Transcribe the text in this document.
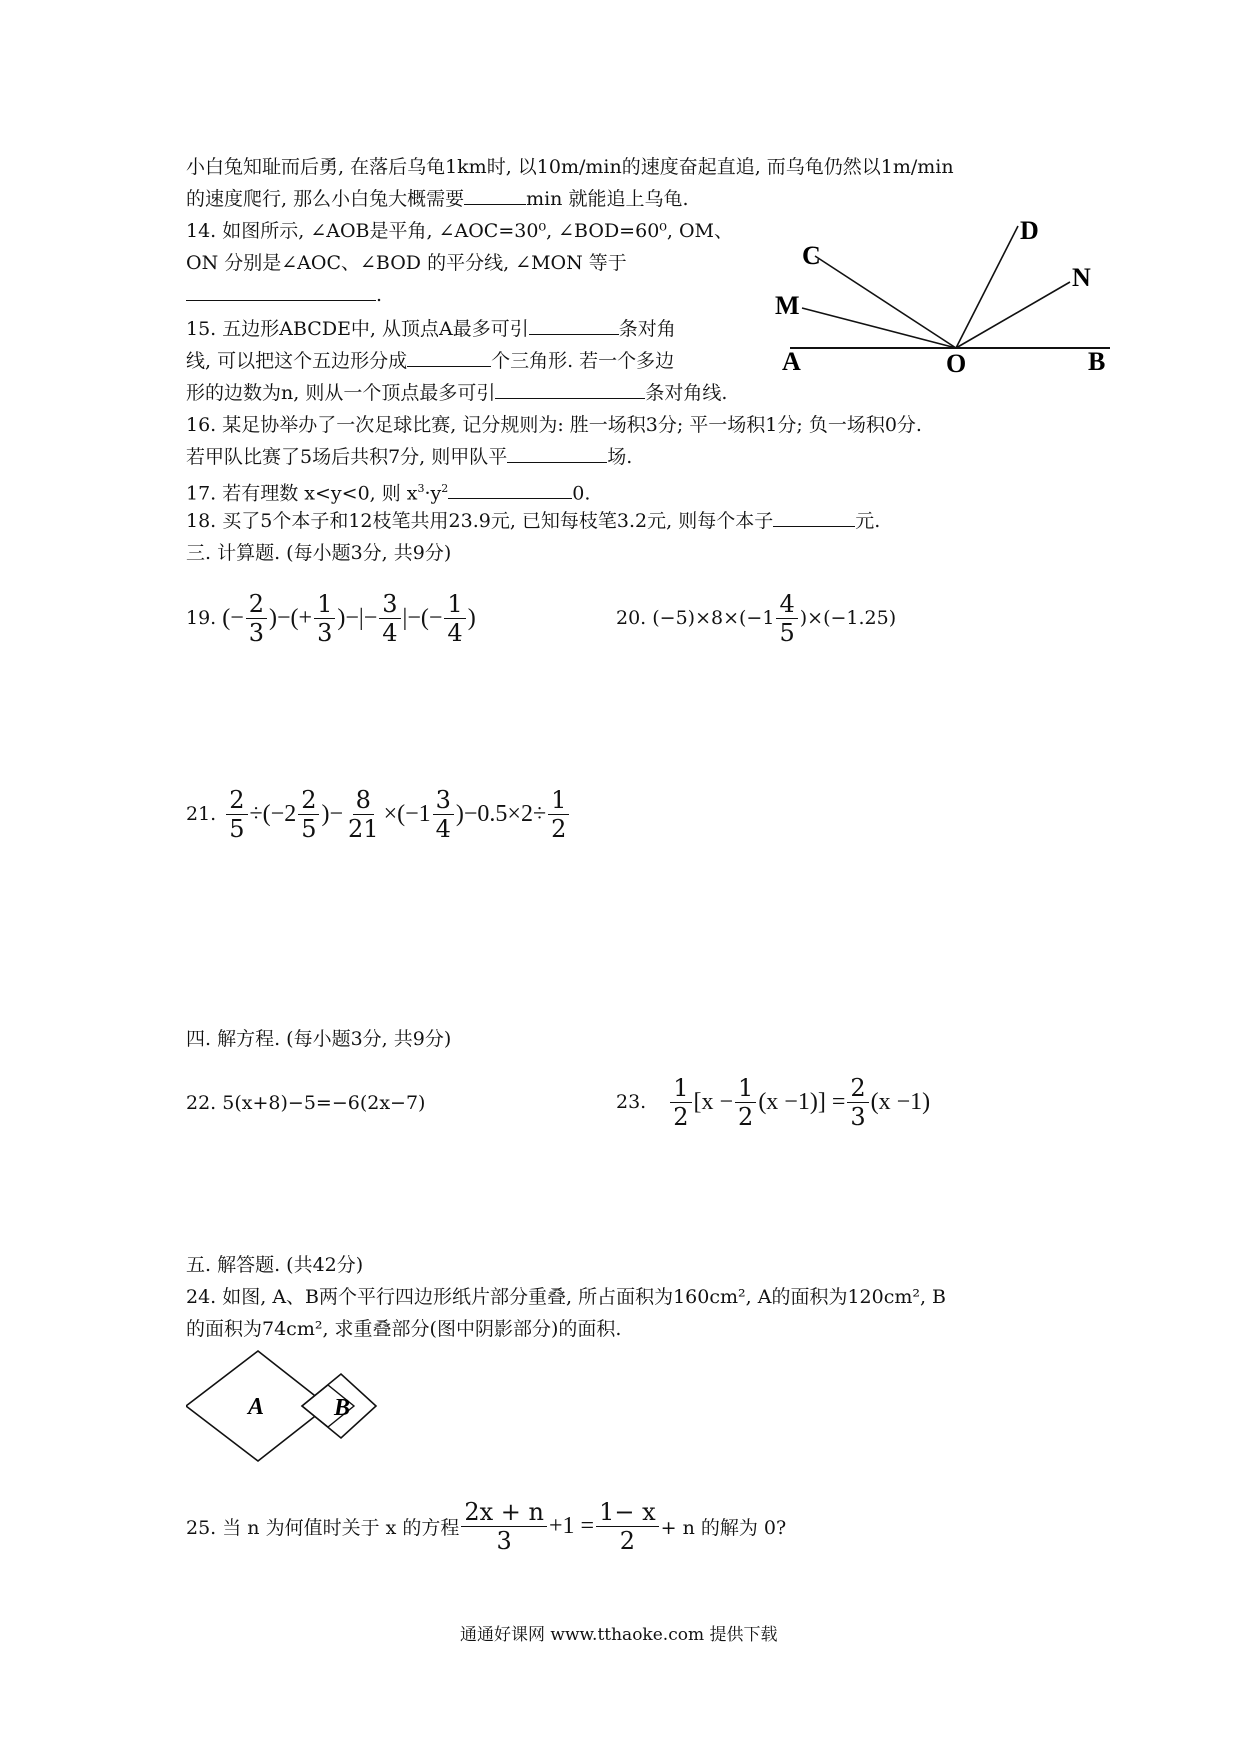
小白兔知耻而后勇, 在落后乌龟1km时, 以10m/min的速度奋起直追, 而乌龟仍然以1m/min
的速度爬行, 那么小白兔大概需要	min 就能追上乌龟.
14. 如图所示, ∠AOB是平角, ∠AOC=30⁰, ∠BOD=60⁰, OM、
ON 分别是∠AOC、∠BOD 的平分线, ∠MON 等于
.
C
D
N
M
A	O	B
15. 五边形ABCDE中, 从顶点A最多可引	条对角
线, 可以把这个五边形分成	个三角形. 若一个多边
形的边数为n, 则从一个顶点最多可引	条对角线.
16. 某足协举办了一次足球比赛, 记分规则为: 胜一场积3分; 平一场积1分; 负一场积0分.
若甲队比赛了5场后共积7分, 则甲队平	场.
17. 若有理数 x<y<0, 则 $x^3\cdot y^2$	0.
18. 买了5个本子和12枝笔共用23.9元, 已知每枝笔3.2元, 则每个本子	元.
三. 计算题. (每小题3分, 共9分)
19. (− $\frac{2}{3}$ )−(+ $\frac{1}{3}$ )−|− $\frac{3}{4}$ |−(− $\frac{1}{4}$ )	20. $(-5)\times 8\times(-1 \frac{4}{5} )\times(-1.25)$
21. $\frac{2}{5} \div(-2 \frac{2}{5}$ )− $\frac{8}{21} \times(-1 \frac{3}{4} )-0.5\times 2\div \frac{1}{2}$
四. 解方程. (每小题3分, 共9分)
22. 5(x+8)−5=−6(2x−7)	23. $\frac{1}{2} [x - \frac{1}{2} (x -1)] = \frac{2}{3} (x -1)$
五. 解答题. (共42分)
24. 如图, A、B两个平行四边形纸片部分重叠, 所占面积为160cm², A的面积为120cm², B
的面积为74cm², 求重叠部分(图中阴影部分)的面积.
A	B
25. 当 n 为何值时关于 x 的方程 $\frac{2x + n}{3} +1 = \frac{1- x}{2} + n$ 的解为 0?
通通好课网 www.tthaoke.com 提供下载
